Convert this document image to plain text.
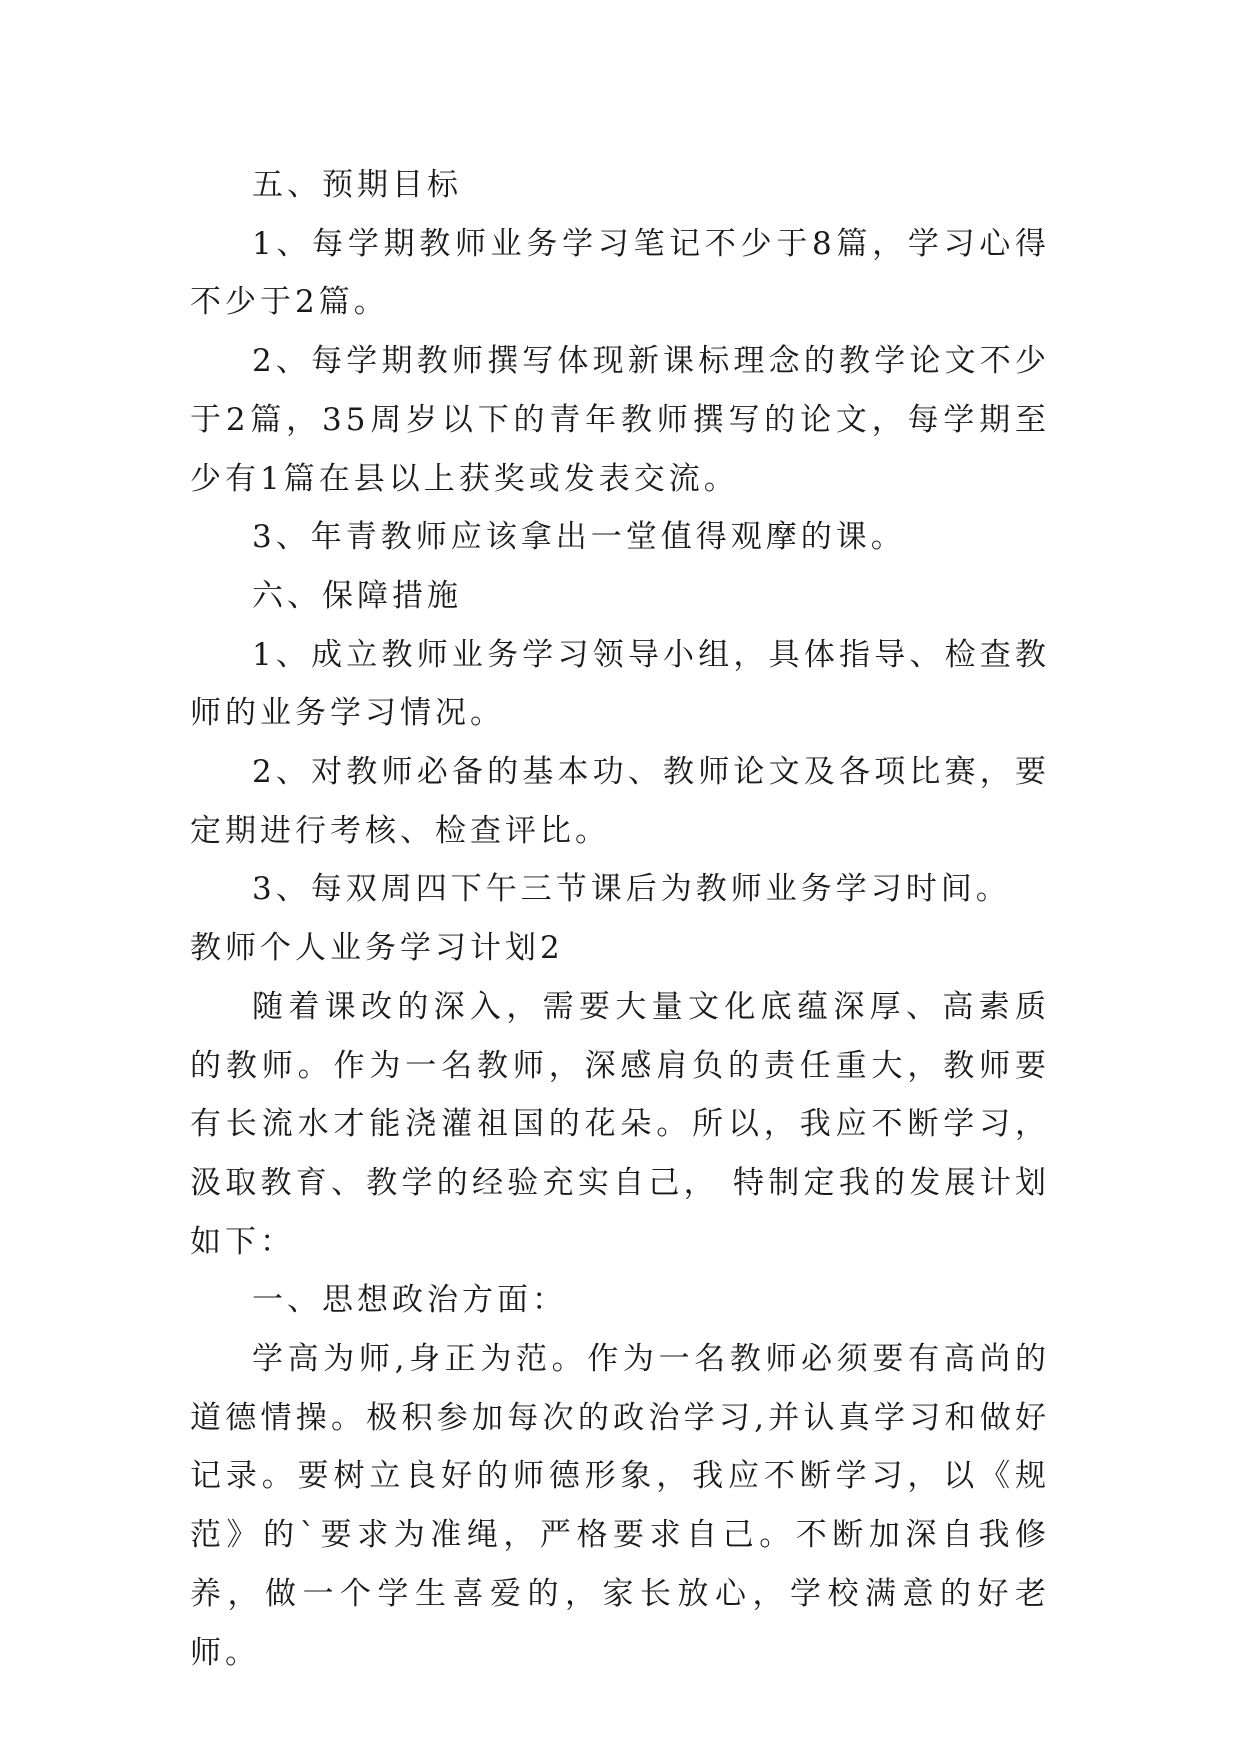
五、预期目标

1、每学期教师业务学习笔记不少于8篇，学习心得不少于2篇。

2、每学期教师撰写体现新课标理念的教学论文不少于2篇，35周岁以下的青年教师撰写的论文，每学期至少有1篇在县以上获奖或发表交流。

3、年青教师应该拿出一堂值得观摩的课。

六、保障措施

1、成立教师业务学习领导小组，具体指导、检查教师的业务学习情况。

2、对教师必备的基本功、教师论文及各项比赛，要定期进行考核、检查评比。

3、每双周四下午三节课后为教师业务学习时间。

教师个人业务学习计划2

随着课改的深入，需要大量文化底蕴深厚、高素质的教师。作为一名教师，深感肩负的责任重大，教师要有长流水才能浇灌祖国的花朵。所以，我应不断学习，汲取教育、教学的经验充实自己， 特制定我的发展计划如下：

一、思想政治方面：

学高为师,身正为范。作为一名教师必须要有高尚的道德情操。极积参加每次的政治学习,并认真学习和做好记录。要树立良好的师德形象，我应不断学习，以《规范》的`要求为准绳，严格要求自己。不断加深自我修养，做一个学生喜爱的，家长放心，学校满意的好老师。
